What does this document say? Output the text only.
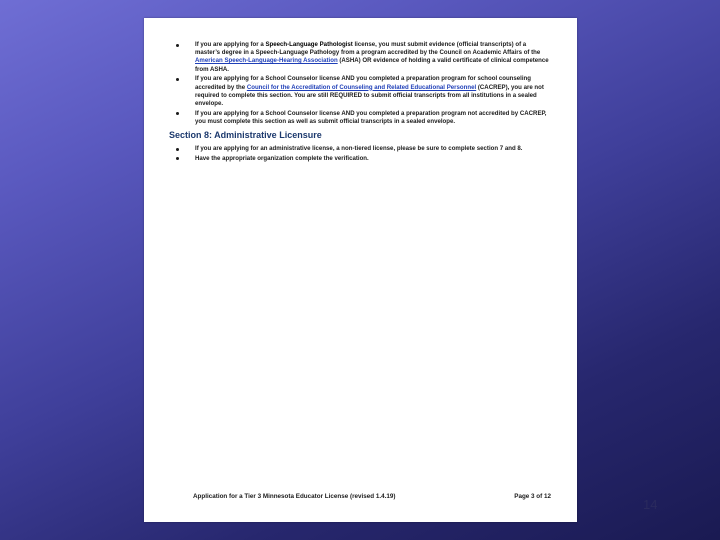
If you are applying for a Speech-Language Pathologist license, you must submit evidence (official transcripts) of a master’s degree in a Speech-Language Pathology from a program accredited by the Council on Academic Affairs of the American Speech-Language-Hearing Association (ASHA) OR evidence of holding a valid certificate of clinical competence from ASHA.
If you are applying for a School Counselor license AND you completed a preparation program for school counseling accredited by the Council for the Accreditation of Counseling and Related Educational Personnel (CACREP), you are not required to complete this section. You are still REQUIRED to submit official transcripts from all institutions in a sealed envelope.
If you are applying for a School Counselor license AND you completed a preparation program not accredited by CACREP, you must complete this section as well as submit official transcripts in a sealed envelope.
Section 8: Administrative Licensure
If you are applying for an administrative license, a non-tiered license, please be sure to complete section 7 and 8.
Have the appropriate organization complete the verification.
Application for a Tier 3 Minnesota Educator License (revised 1.4.19)	Page 3 of 12
14
